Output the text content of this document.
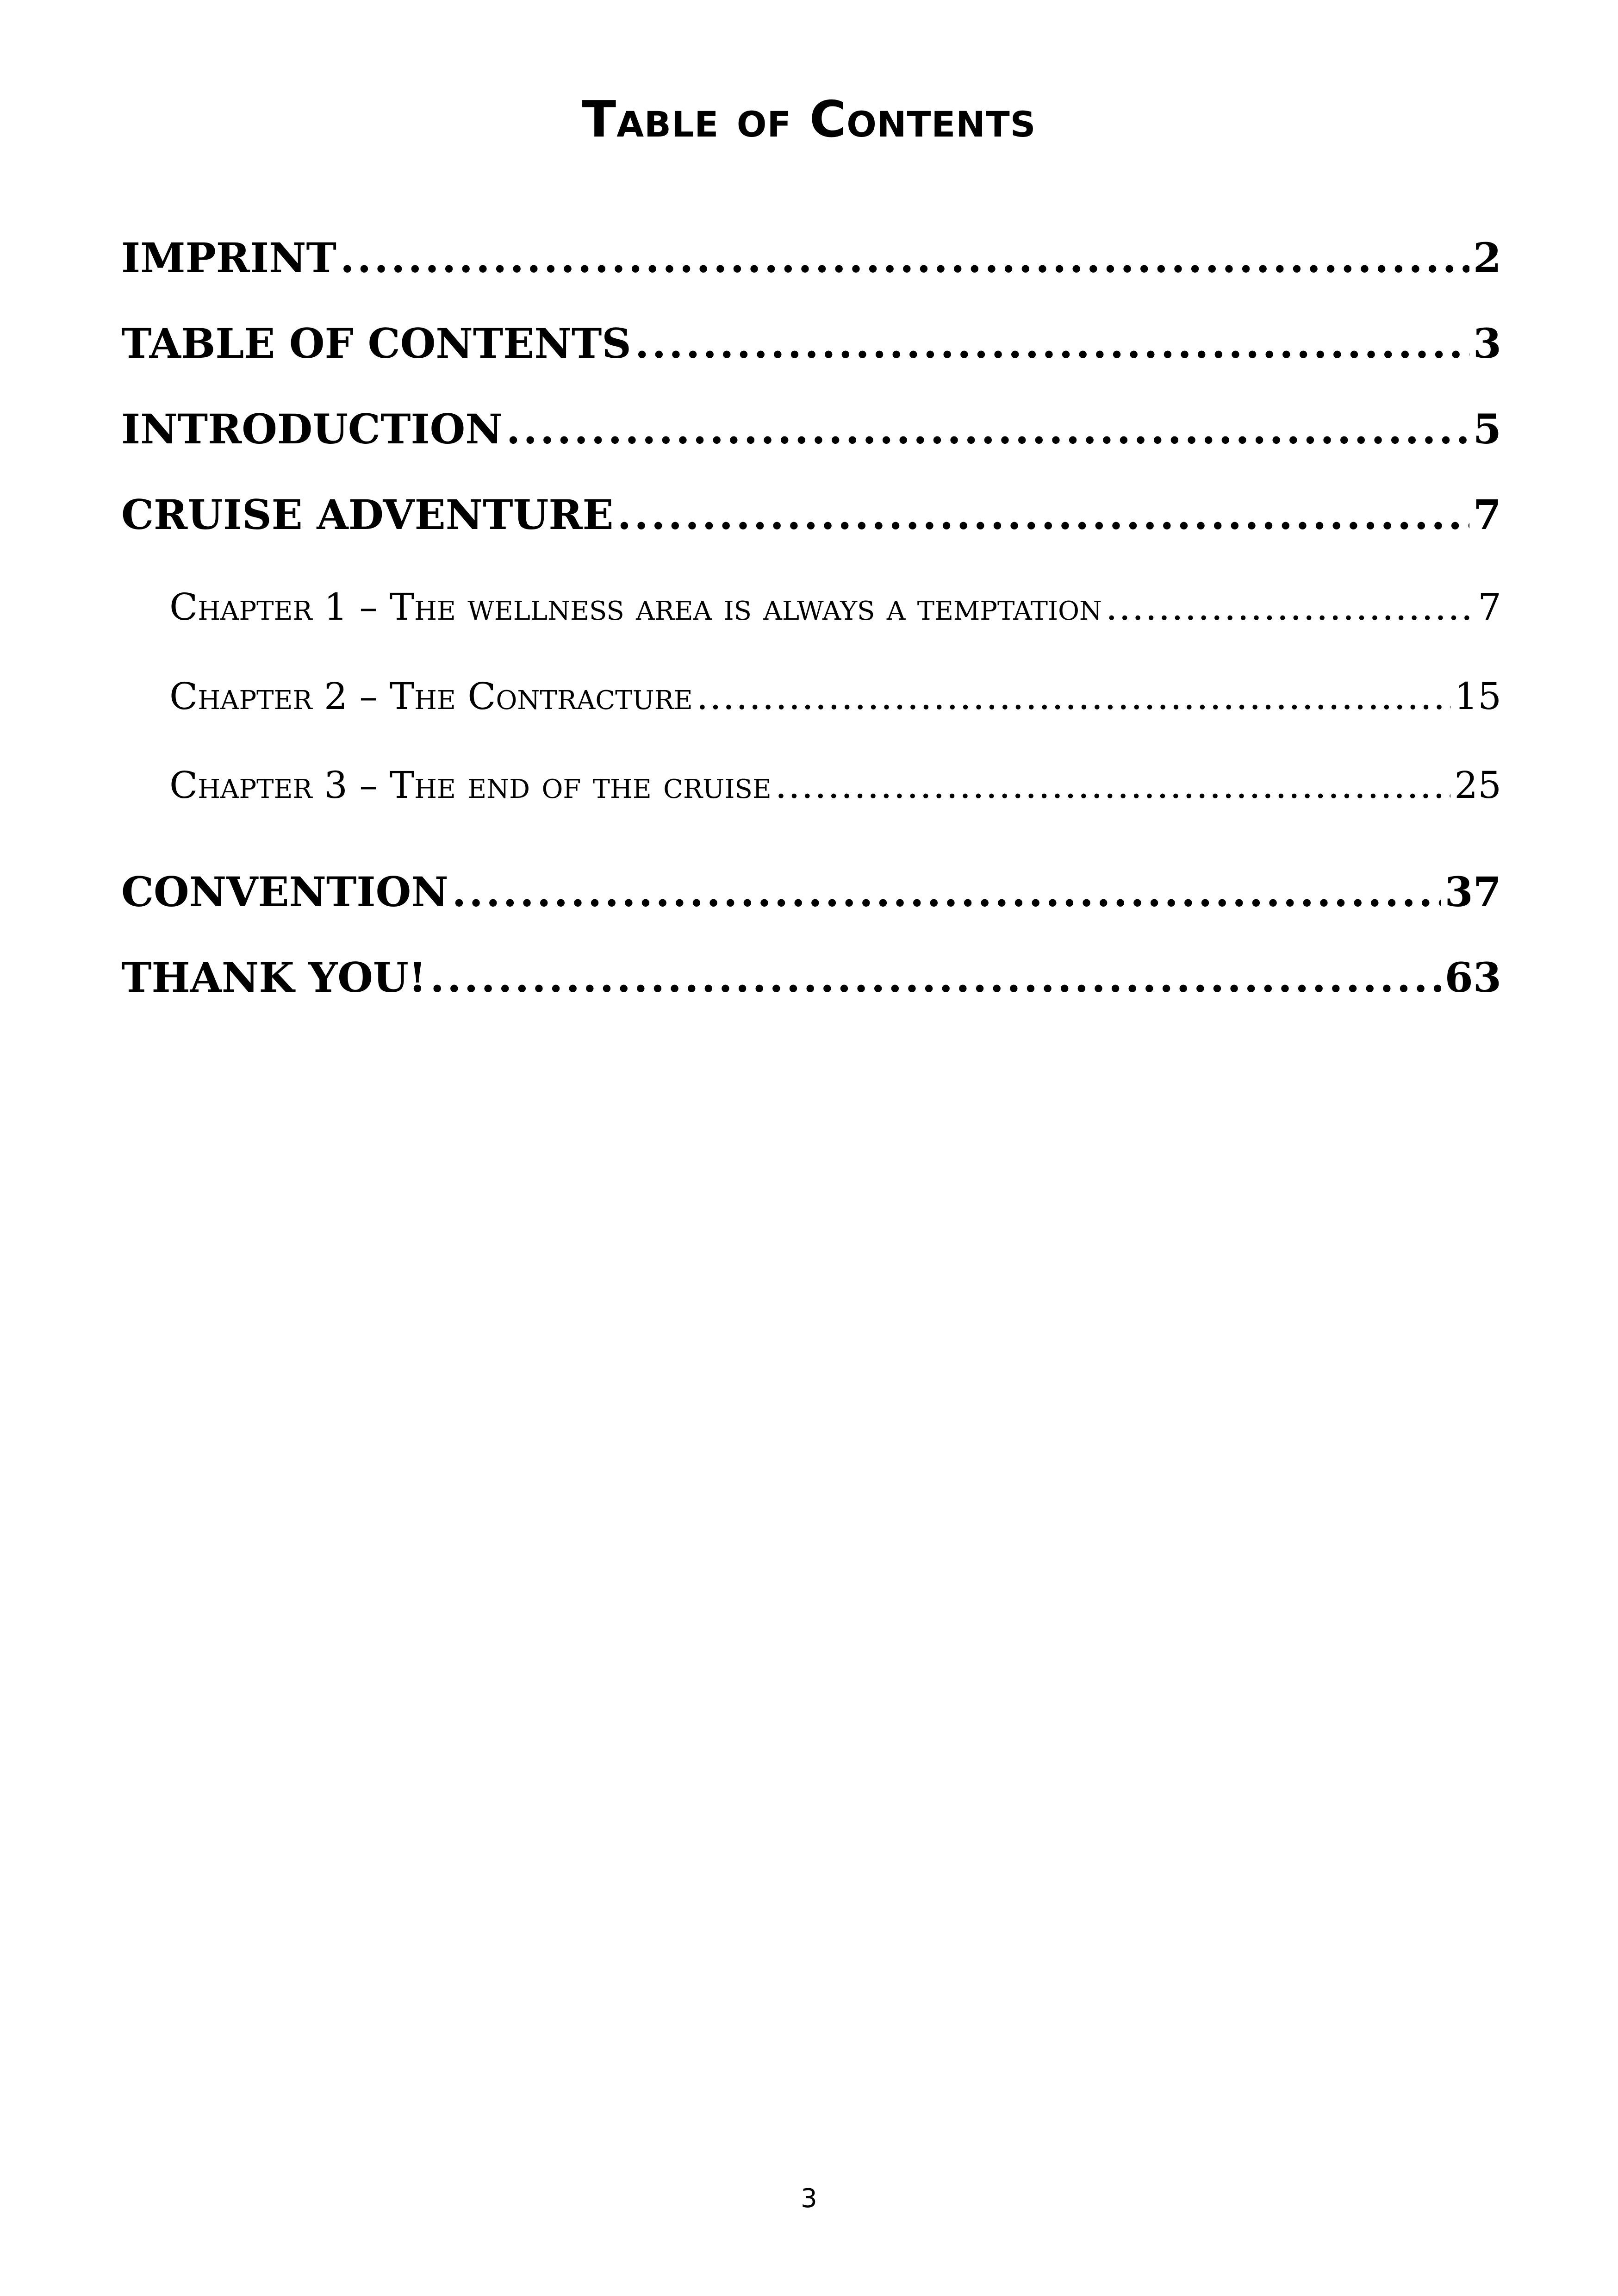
Table of Contents
IMPRINT .....	2
TABLE OF CONTENTS .....	3
INTRODUCTION .....	5
CRUISE ADVENTURE .....	7
Chapter 1 – The wellness area is always a temptation .....	7
Chapter 2 – The Contracture .....	15
Chapter 3 – The end of the cruise .....	25
CONVENTION .....	37
THANK YOU! .....	63
3
